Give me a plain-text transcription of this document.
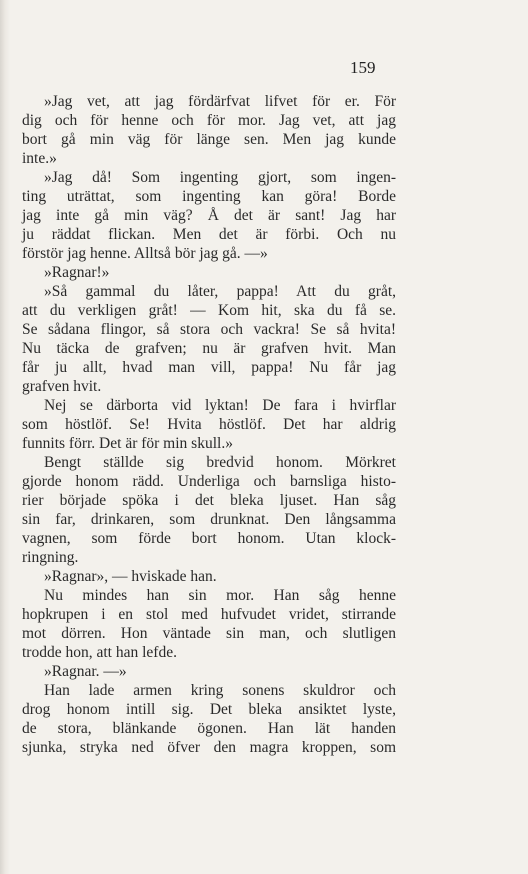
159

»Jag vet, att jag fördärfvat lifvet för er. För
dig och för henne och för mor. Jag vet, att jag
bort gå min väg för länge sen. Men jag kunde
inte.»
»Jag då! Som ingenting gjort, som ingen-
ting uträttat, som ingenting kan göra! Borde
jag inte gå min väg? Å det är sant! Jag har
ju räddat flickan. Men det är förbi. Och nu
förstör jag henne. Alltså bör jag gå. —»
»Ragnar!»
»Så gammal du låter, pappa! Att du gråt,
att du verkligen gråt! — Kom hit, ska du få se.
Se sådana flingor, så stora och vackra! Se så hvita!
Nu täcka de grafven; nu är grafven hvit. Man
får ju allt, hvad man vill, pappa! Nu får jag
grafven hvit.
Nej se därborta vid lyktan! De fara i hvirflar
som höstlöf. Se! Hvita höstlöf. Det har aldrig
funnits förr. Det är för min skull.»
Bengt ställde sig bredvid honom. Mörkret
gjorde honom rädd. Underliga och barnsliga histo-
rier började spöka i det bleka ljuset. Han såg
sin far, drinkaren, som drunknat. Den långsamma
vagnen, som förde bort honom. Utan klock-
ringning.
»Ragnar», — hviskade han.
Nu mindes han sin mor. Han såg henne
hopkrupen i en stol med hufvudet vridet, stirrande
mot dörren. Hon väntade sin man, och slutligen
trodde hon, att han lefde.
»Ragnar. —»
Han lade armen kring sonens skuldror och
drog honom intill sig. Det bleka ansiktet lyste,
de stora, blänkande ögonen. Han lät handen
sjunka, stryka ned öfver den magra kroppen, som
